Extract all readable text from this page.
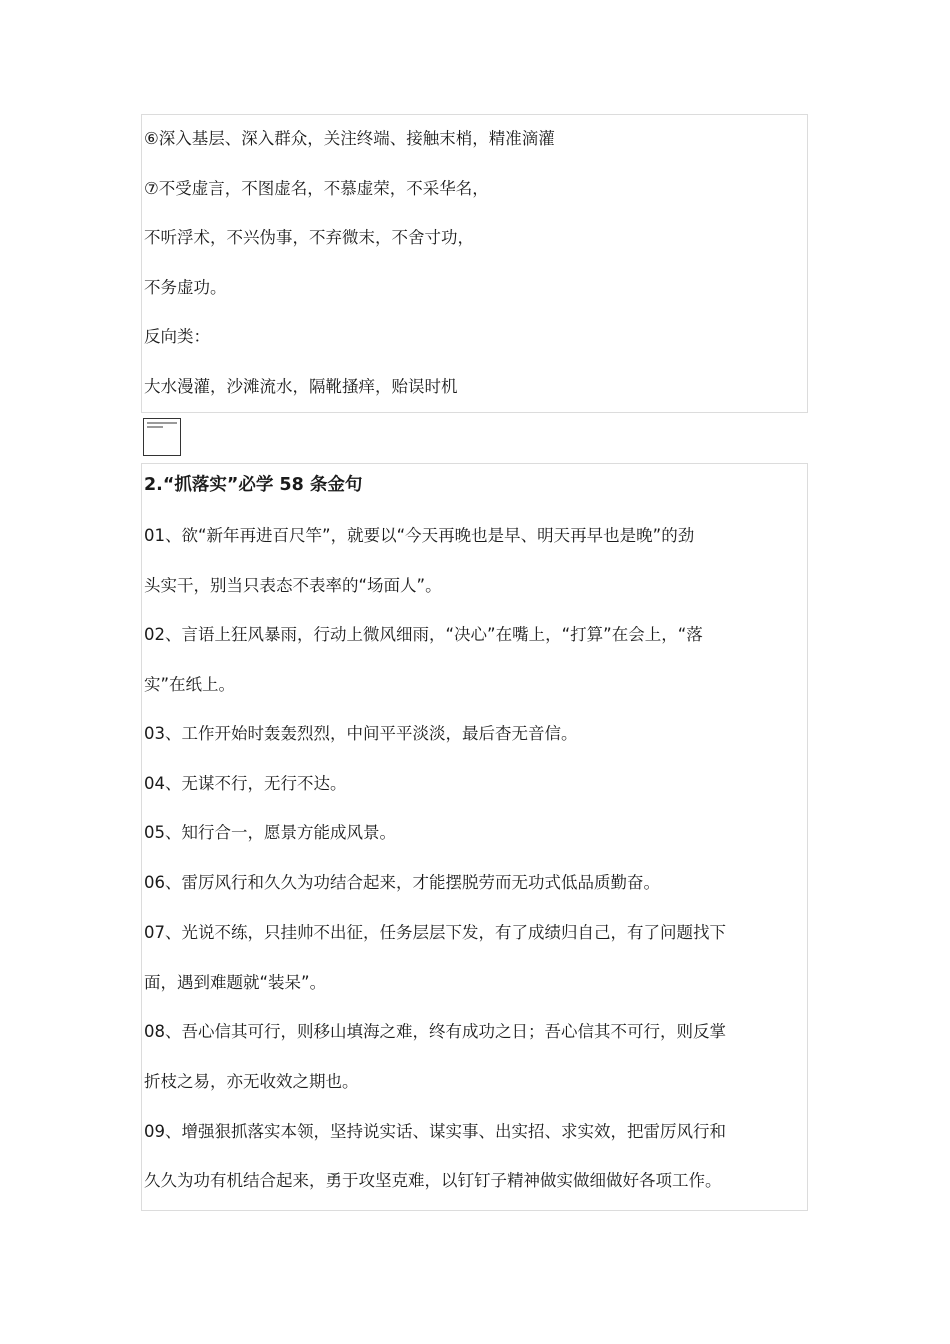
⑥深入基层、深入群众，关注终端、接触末梢，精准滴灌
⑦不受虚言，不图虚名，不慕虚荣，不采华名，
不听浮术，不兴伪事，不弃微末，不舍寸功，
不务虚功。
反向类：
大水漫灌，沙滩流水，隔靴搔痒，贻误时机
2.“抓落实”必学 58 条金句
01、欲“新年再进百尺竿”，就要以“今天再晚也是早、明天再早也是晚”的劲
头实干，别当只表态不表率的“场面人”。
02、言语上狂风暴雨，行动上微风细雨，“决心”在嘴上，“打算”在会上，“落
实”在纸上。
03、工作开始时轰轰烈烈，中间平平淡淡，最后杳无音信。
04、无谋不行，无行不达。
05、知行合一，愿景方能成风景。
06、雷厉风行和久久为功结合起来，才能摆脱劳而无功式低品质勤奋。
07、光说不练，只挂帅不出征，任务层层下发，有了成绩归自己，有了问题找下
面，遇到难题就“装呆”。
08、吾心信其可行，则移山填海之难，终有成功之日；吾心信其不可行，则反掌
折枝之易，亦无收效之期也。
09、增强狠抓落实本领，坚持说实话、谋实事、出实招、求实效，把雷厉风行和
久久为功有机结合起来，勇于攻坚克难，以钉钉子精神做实做细做好各项工作。
